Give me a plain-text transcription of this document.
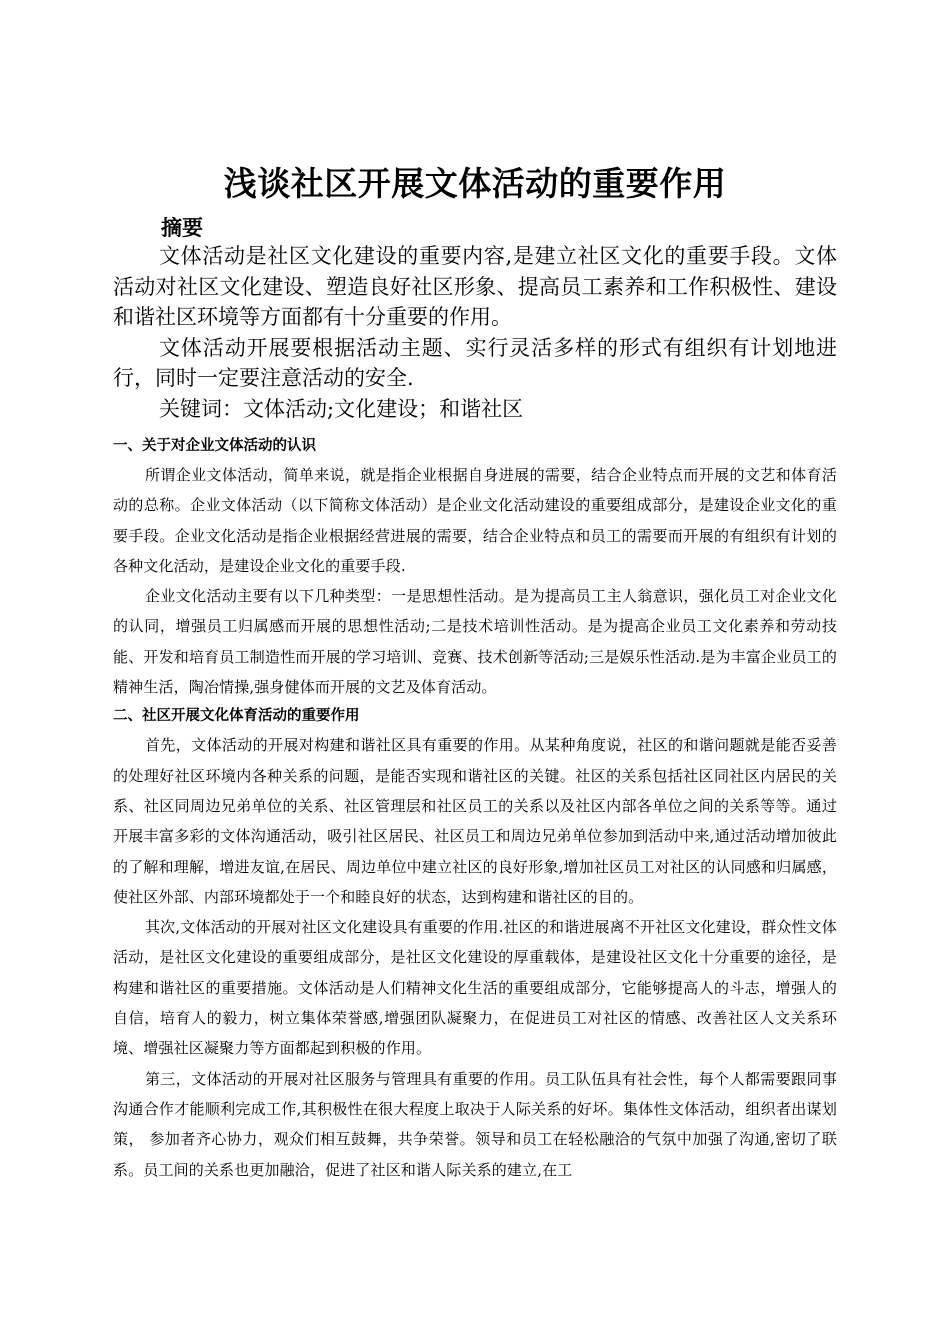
浅谈社区开展文体活动的重要作用
摘要

文体活动是社区文化建设的重要内容,是建立社区文化的重要手段。文体活动对社区文化建设、塑造良好社区形象、提高员工素养和工作积极性、建设和谐社区环境等方面都有十分重要的作用。

文体活动开展要根据活动主题、实行灵活多样的形式有组织有计划地进行，同时一定要注意活动的安全.

关键词：文体活动;文化建设；和谐社区

一、关于对企业文体活动的认识

所谓企业文体活动，简单来说，就是指企业根据自身进展的需要，结合企业特点而开展的文艺和体育活动的总称。企业文体活动（以下简称文体活动）是企业文化活动建设的重要组成部分，是建设企业文化的重要手段。企业文化活动是指企业根据经营进展的需要，结合企业特点和员工的需要而开展的有组织有计划的各种文化活动，是建设企业文化的重要手段.

企业文化活动主要有以下几种类型：一是思想性活动。是为提高员工主人翁意识，强化员工对企业文化的认同，增强员工归属感而开展的思想性活动;二是技术培训性活动。是为提高企业员工文化素养和劳动技能、开发和培育员工制造性而开展的学习培训、竞赛、技术创新等活动;三是娱乐性活动.是为丰富企业员工的精神生活，陶冶情操,强身健体而开展的文艺及体育活动。

二、社区开展文化体育活动的重要作用

首先，文体活动的开展对构建和谐社区具有重要的作用。从某种角度说，社区的和谐问题就是能否妥善的处理好社区环境内各种关系的问题，是能否实现和谐社区的关键。社区的关系包括社区同社区内居民的关系、社区同周边兄弟单位的关系、社区管理层和社区员工的关系以及社区内部各单位之间的关系等等。通过开展丰富多彩的文体沟通活动，吸引社区居民、社区员工和周边兄弟单位参加到活动中来,通过活动增加彼此的了解和理解，增进友谊,在居民、周边单位中建立社区的良好形象,增加社区员工对社区的认同感和归属感，使社区外部、内部环境都处于一个和睦良好的状态，达到构建和谐社区的目的。

其次,文体活动的开展对社区文化建设具有重要的作用.社区的和谐进展离不开社区文化建设，群众性文体活动，是社区文化建设的重要组成部分，是社区文化建设的厚重载体，是建设社区文化十分重要的途径，是构建和谐社区的重要措施。文体活动是人们精神文化生活的重要组成部分，它能够提高人的斗志，增强人的自信，培育人的毅力，树立集体荣誉感,增强团队凝聚力，在促进员工对社区的情感、改善社区人文关系环境、增强社区凝聚力等方面都起到积极的作用。

第三，文体活动的开展对社区服务与管理具有重要的作用。员工队伍具有社会性，每个人都需要跟同事沟通合作才能顺利完成工作,其积极性在很大程度上取决于人际关系的好坏。集体性文体活动，组织者出谋划策， 参加者齐心协力，观众们相互鼓舞，共争荣誉。领导和员工在轻松融洽的气氛中加强了沟通,密切了联系。员工间的关系也更加融洽，促进了社区和谐人际关系的建立,在工
